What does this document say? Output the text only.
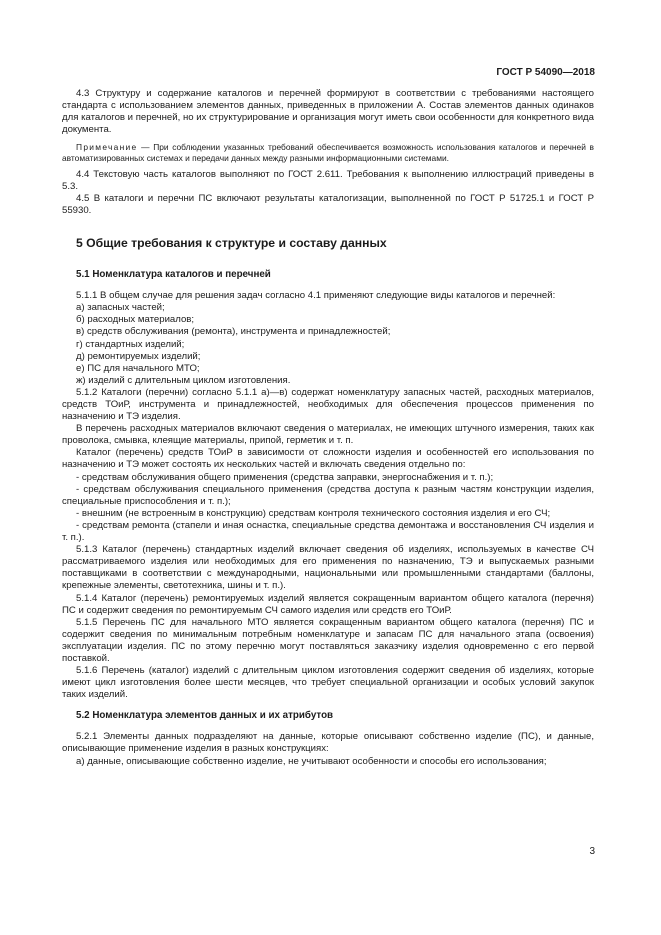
ГОСТ Р 54090—2018

4.3 Структуру и содержание каталогов и перечней формируют в соответствии с требованиями настоящего стандарта с использованием элементов данных, приведенных в приложении А. Состав элементов данных одинаков для каталогов и перечней, но их структурирование и организация могут иметь свои особенности для конкретного вида документа.

Примечание — При соблюдении указанных требований обеспечивается возможность использования каталогов и перечней в автоматизированных системах и передачи данных между разными информационными системами.

4.4 Текстовую часть каталогов выполняют по ГОСТ 2.611. Требования к выполнению иллюстраций приведены в 5.3.

4.5 В каталоги и перечни ПС включают результаты каталогизации, выполненной по ГОСТ Р 51725.1 и ГОСТ Р 55930.

5 Общие требования к структуре и составу данных
5.1 Номенклатура каталогов и перечней

5.1.1 В общем случае для решения задач согласно 4.1 применяют следующие виды каталогов и перечней:

а) запасных частей;

б) расходных материалов;

в) средств обслуживания (ремонта), инструмента и принадлежностей;

г) стандартных изделий;

д) ремонтируемых изделий;

е) ПС для начального МТО;

ж) изделий с длительным циклом изготовления.

5.1.2 Каталоги (перечни) согласно 5.1.1 а)—в) содержат номенклатуру запасных частей, расходных материалов, средств ТОиР, инструмента и принадлежностей, необходимых для обеспечения процессов применения по назначению и ТЭ изделия.

В перечень расходных материалов включают сведения о материалах, не имеющих штучного измерения, таких как проволока, смывка, клеящие материалы, припой, герметик и т. п.

Каталог (перечень) средств ТОиР в зависимости от сложности изделия и особенностей его использования по назначению и ТЭ может состоять их нескольких частей и включать сведения отдельно по:

- средствам обслуживания общего применения (средства заправки, энергоснабжения и т. п.);

- средствам обслуживания специального применения (средства доступа к разным частям конструкции изделия, специальные приспособления и т. п.);

- внешним (не встроенным в конструкцию) средствам контроля технического состояния изделия и его СЧ;

- средствам ремонта (стапели и иная оснастка, специальные средства демонтажа и восстановления СЧ изделия и т. п.).

5.1.3 Каталог (перечень) стандартных изделий включает сведения об изделиях, используемых в качестве СЧ рассматриваемого изделия или необходимых для его применения по назначению, ТЭ и выпускаемых разными поставщиками в соответствии с международными, национальными или промышленными стандартами (баллоны, крепежные элементы, светотехника, шины и т. п.).

5.1.4 Каталог (перечень) ремонтируемых изделий является сокращенным вариантом общего каталога (перечня) ПС и содержит сведения по ремонтируемым СЧ самого изделия или средств его ТОиР.

5.1.5 Перечень ПС для начального МТО является сокращенным вариантом общего каталога (перечня) ПС и содержит сведения по минимальным потребным номенклатуре и запасам ПС для начального этапа (освоения) эксплуатации изделия. ПС по этому перечню могут поставляться заказчику изделия одновременно с его первой поставкой.

5.1.6 Перечень (каталог) изделий с длительным циклом изготовления содержит сведения об изделиях, которые имеют цикл изготовления более шести месяцев, что требует специальной организации и особых условий закупок таких изделий.

5.2 Номенклатура элементов данных и их атрибутов

5.2.1 Элементы данных подразделяют на данные, которые описывают собственно изделие (ПС), и данные, описывающие применение изделия в разных конструкциях:

а) данные, описывающие собственно изделие, не учитывают особенности и способы его использования;

3
